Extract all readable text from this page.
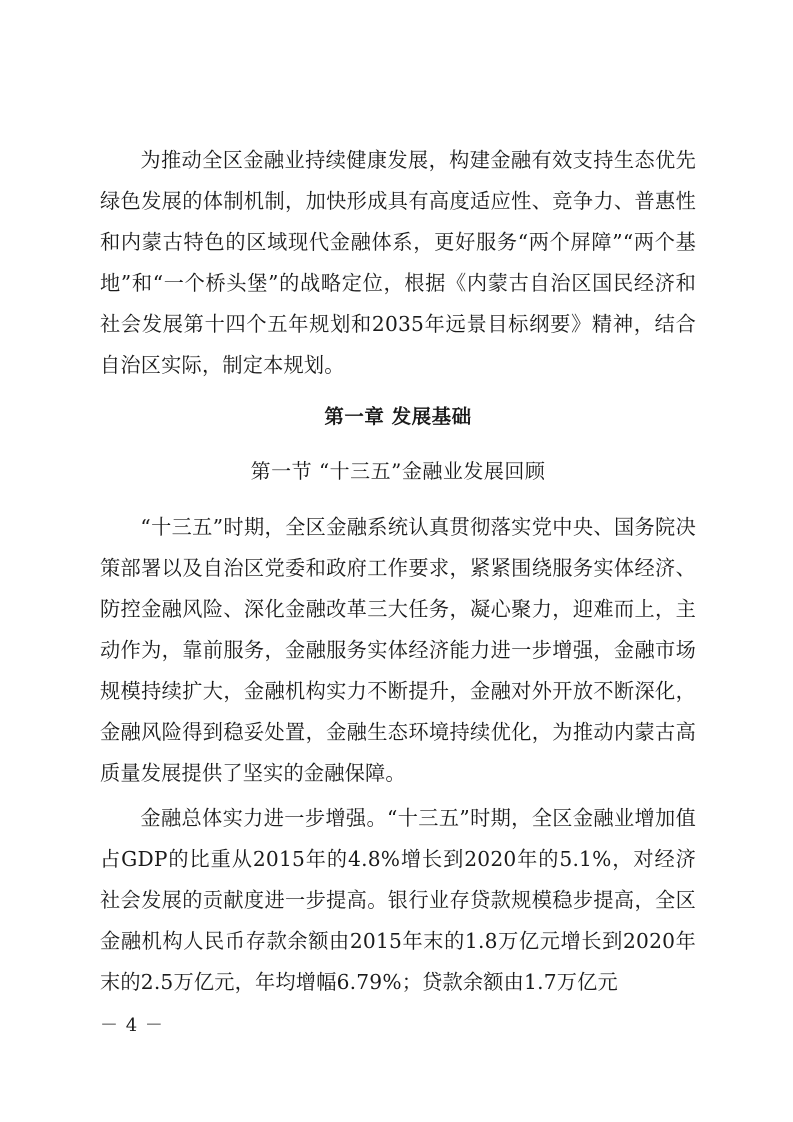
为推动全区金融业持续健康发展，构建金融有效支持生态优先绿色发展的体制机制，加快形成具有高度适应性、竞争力、普惠性和内蒙古特色的区域现代金融体系，更好服务“两个屏障”“两个基地”和“一个桥头堡”的战略定位，根据《内蒙古自治区国民经济和社会发展第十四个五年规划和2035年远景目标纲要》精神，结合自治区实际，制定本规划。

第一章 发展基础
第一节 “十三五”金融业发展回顾

“十三五”时期，全区金融系统认真贯彻落实党中央、国务院决策部署以及自治区党委和政府工作要求，紧紧围绕服务实体经济、防控金融风险、深化金融改革三大任务，凝心聚力，迎难而上，主动作为，靠前服务，金融服务实体经济能力进一步增强，金融市场规模持续扩大，金融机构实力不断提升，金融对外开放不断深化，金融风险得到稳妥处置，金融生态环境持续优化，为推动内蒙古高质量发展提供了坚实的金融保障。

金融总体实力进一步增强。“十三五”时期，全区金融业增加值占GDP的比重从2015年的4.8%增长到2020年的5.1%，对经济社会发展的贡献度进一步提高。银行业存贷款规模稳步提高，全区金融机构人民币存款余额由2015年末的1.8万亿元增长到2020年末的2.5万亿元，年均增幅6.79%；贷款余额由1.7万亿元

－ 4 －
